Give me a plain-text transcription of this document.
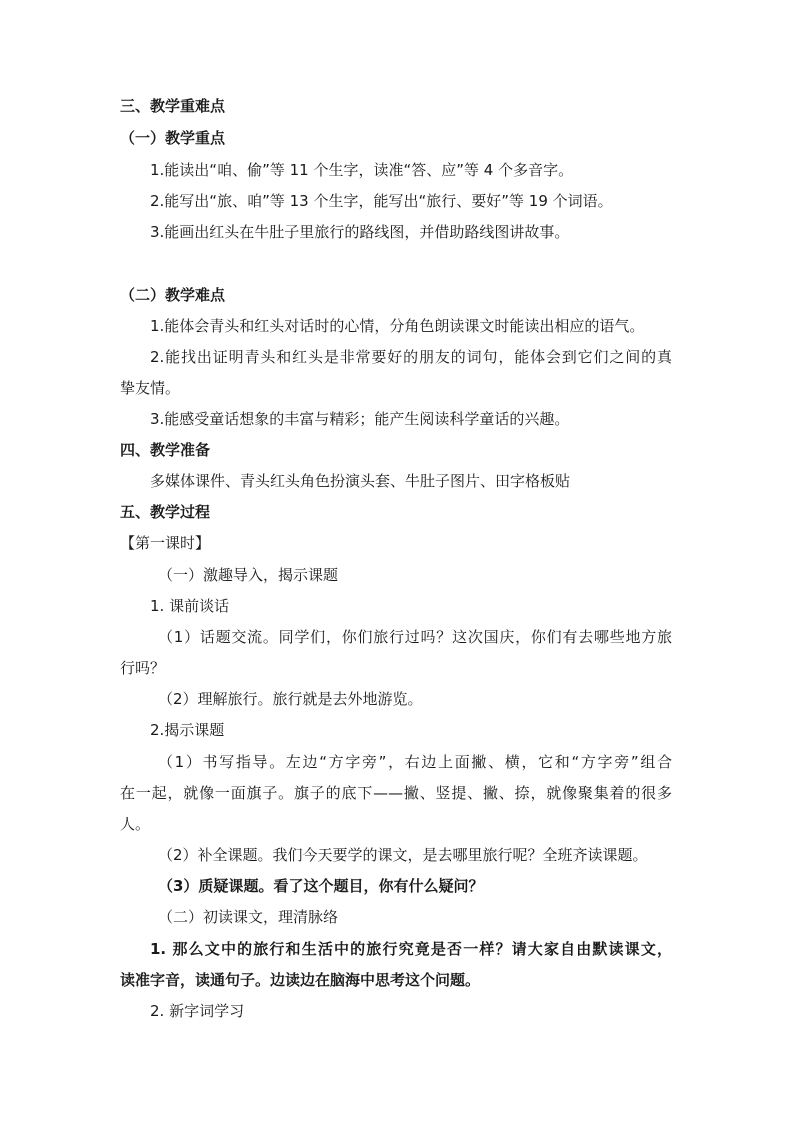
三、教学重难点
（一）教学重点
1.能读出“咱、偷”等 11 个生字，读准“答、应”等 4 个多音字。
2.能写出“旅、咱”等 13 个生字，能写出“旅行、要好”等 19 个词语。
3.能画出红头在牛肚子里旅行的路线图，并借助路线图讲故事。
（二）教学难点
1.能体会青头和红头对话时的心情，分角色朗读课文时能读出相应的语气。
2.能找出证明青头和红头是非常要好的朋友的词句，能体会到它们之间的真
挚友情。
3.能感受童话想象的丰富与精彩；能产生阅读科学童话的兴趣。
四、教学准备
多媒体课件、青头红头角色扮演头套、牛肚子图片、田字格板贴
五、教学过程
【第一课时】
（一）激趣导入，揭示课题
1. 课前谈话
（1）话题交流。同学们，你们旅行过吗？这次国庆，你们有去哪些地方旅
行吗？
（2）理解旅行。旅行就是去外地游览。
2.揭示课题
（1）书写指导。左边“方字旁”，右边上面撇、横，它和“方字旁”组合
在一起，就像一面旗子。旗子的底下——撇、竖提、撇、捺，就像聚集着的很多
人。
（2）补全课题。我们今天要学的课文，是去哪里旅行呢？全班齐读课题。
（3）质疑课题。看了这个题目，你有什么疑问？
（二）初读课文，理清脉络
1. 那么文中的旅行和生活中的旅行究竟是否一样？请大家自由默读课文，
读准字音，读通句子。边读边在脑海中思考这个问题。
2. 新字词学习
